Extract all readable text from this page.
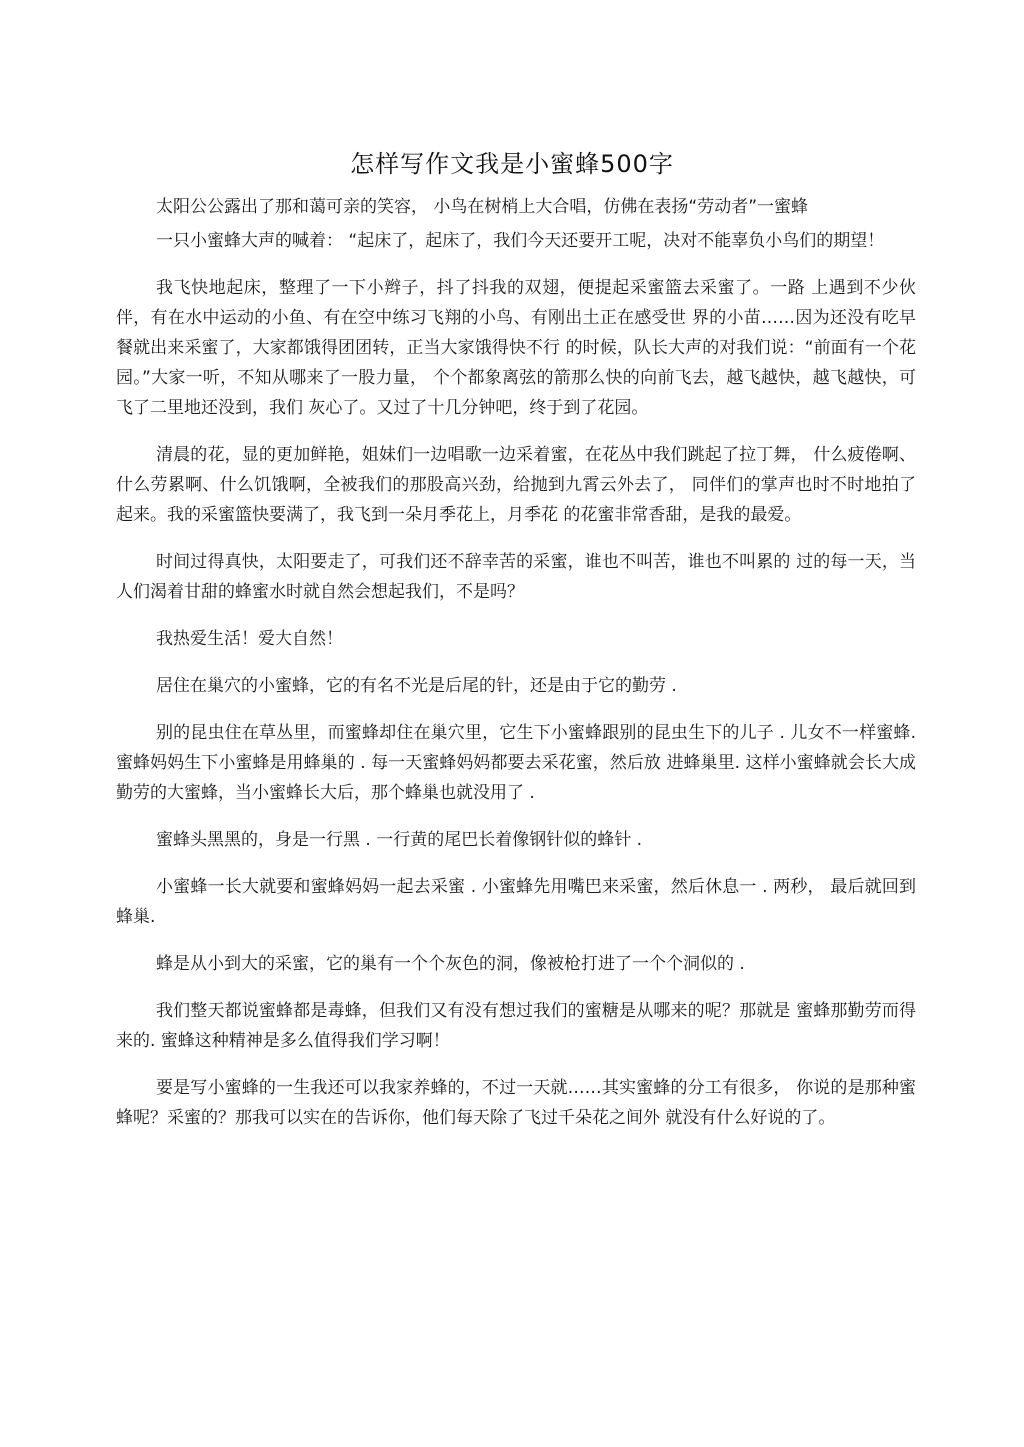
怎样写作文我是小蜜蜂500字

太阳公公露出了那和蔼可亲的笑容， 小鸟在树梢上大合唱，仿佛在表扬“劳动者”一蜜蜂

一只小蜜蜂大声的喊着： “起床了，起床了，我们今天还要开工呢，决对不能辜负小鸟们的期望！

我飞快地起床，整理了一下小辫子，抖了抖我的双翅，便提起采蜜篮去采蜜了。一路 上遇到不少伙伴，有在水中运动的小鱼、有在空中练习飞翔的小鸟、有刚出土正在感受世 界的小苗……因为还没有吃早餐就出来采蜜了，大家都饿得团团转，正当大家饿得快不行 的时候，队长大声的对我们说：“前面有一个花园。”大家一听，不知从哪来了一股力量， 个个都象离弦的箭那么快的向前飞去，越飞越快，越飞越快，可飞了二里地还没到，我们 灰心了。又过了十几分钟吧，终于到了花园。

清晨的花，显的更加鲜艳，姐妹们一边唱歌一边采着蜜，在花丛中我们跳起了拉丁舞， 什么疲倦啊、什么劳累啊、什么饥饿啊，全被我们的那股高兴劲，给抛到九霄云外去了， 同伴们的掌声也时不时地拍了起来。我的采蜜篮快要满了，我飞到一朵月季花上，月季花 的花蜜非常香甜，是我的最爱。

时间过得真快，太阳要走了，可我们还不辞幸苦的采蜜，谁也不叫苦，谁也不叫累的 过的每一天，当人们渴着甘甜的蜂蜜水时就自然会想起我们，不是吗？

我热爱生活！爱大自然！

居住在巢穴的小蜜蜂，它的有名不光是后尾的针，还是由于它的勤劳 .

别的昆虫住在草丛里，而蜜蜂却住在巢穴里，它生下小蜜蜂跟别的昆虫生下的儿子 . 儿女不一样蜜蜂. 蜜蜂妈妈生下小蜜蜂是用蜂巢的 . 每一天蜜蜂妈妈都要去采花蜜，然后放 进蜂巢里. 这样小蜜蜂就会长大成勤劳的大蜜蜂，当小蜜蜂长大后，那个蜂巢也就没用了 .

蜜蜂头黑黑的，身是一行黑 . 一行黄的尾巴长着像钢针似的蜂针 .

小蜜蜂一长大就要和蜜蜂妈妈一起去采蜜 . 小蜜蜂先用嘴巴来采蜜，然后休息一 . 两秒， 最后就回到蜂巢.

蜂是从小到大的采蜜，它的巢有一个个灰色的洞，像被枪打进了一个个洞似的 .

我们整天都说蜜蜂都是毒蜂，但我们又有没有想过我们的蜜糖是从哪来的呢？那就是 蜜蜂那勤劳而得来的. 蜜蜂这种精神是多么值得我们学习啊！

要是写小蜜蜂的一生我还可以我家养蜂的，不过一天就……其实蜜蜂的分工有很多， 你说的是那种蜜蜂呢？采蜜的？那我可以实在的告诉你，他们每天除了飞过千朵花之间外 就没有什么好说的了。
